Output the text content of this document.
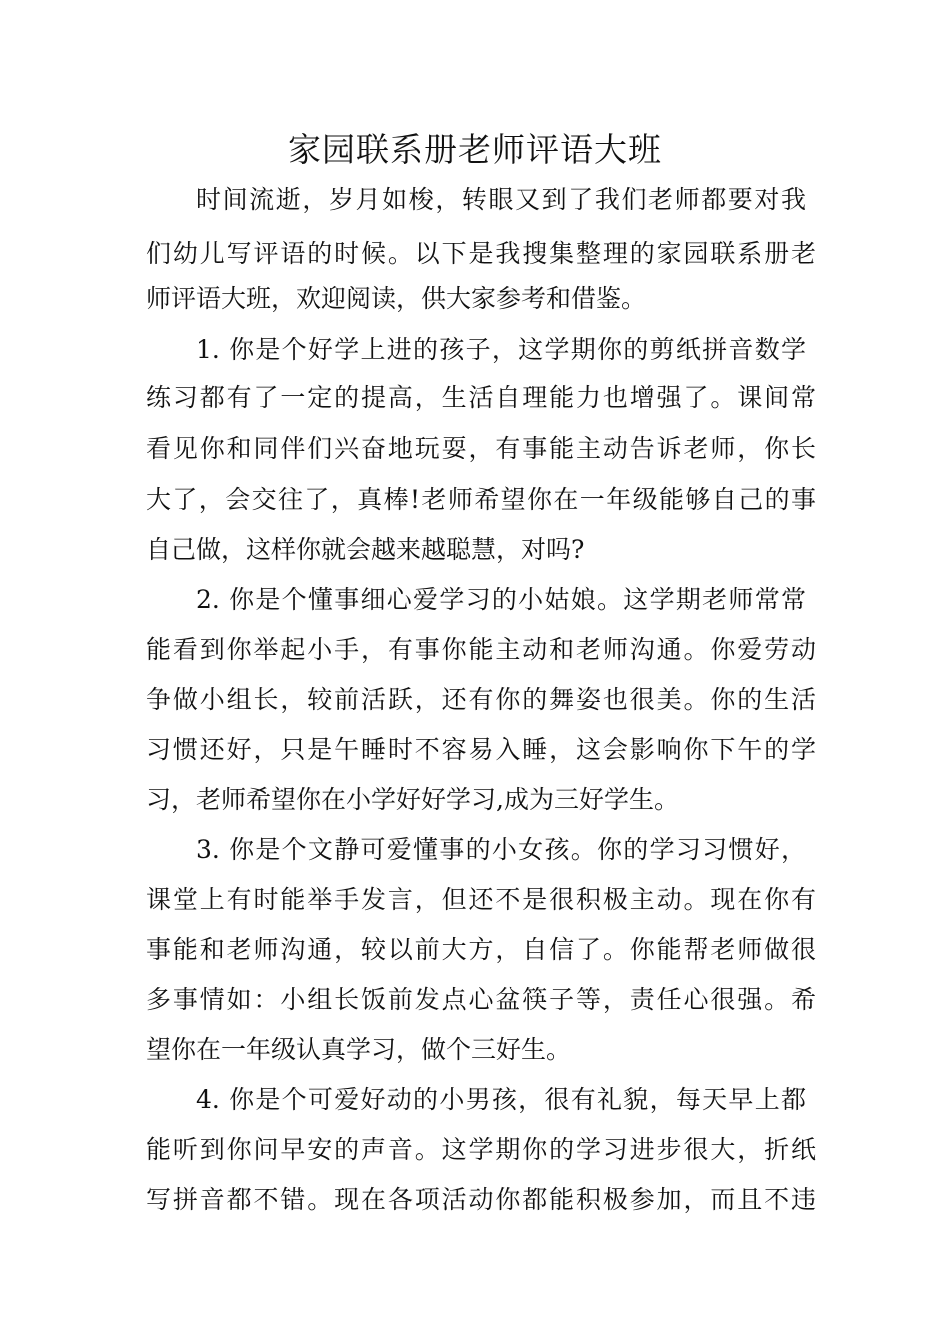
家园联系册老师评语大班

时间流逝，岁月如梭，转眼又到了我们老师都要对我

们幼儿写评语的时候。以下是我搜集整理的家园联系册老

师评语大班，欢迎阅读，供大家参考和借鉴。

1. 你是个好学上进的孩子，这学期你的剪纸拼音数学

练习都有了一定的提高，生活自理能力也增强了。课间常

看见你和同伴们兴奋地玩耍，有事能主动告诉老师，你长

大了，会交往了，真棒!老师希望你在一年级能够自己的事

自己做，这样你就会越来越聪慧，对吗?

2. 你是个懂事细心爱学习的小姑娘。这学期老师常常

能看到你举起小手，有事你能主动和老师沟通。你爱劳动

争做小组长，较前活跃，还有你的舞姿也很美。你的生活

习惯还好，只是午睡时不容易入睡，这会影响你下午的学

习，老师希望你在小学好好学习,成为三好学生。

3. 你是个文静可爱懂事的小女孩。你的学习习惯好，

课堂上有时能举手发言，但还不是很积极主动。现在你有

事能和老师沟通，较以前大方，自信了。你能帮老师做很

多事情如：小组长饭前发点心盆筷子等，责任心很强。希

望你在一年级认真学习，做个三好生。

4. 你是个可爱好动的小男孩，很有礼貌，每天早上都

能听到你问早安的声音。这学期你的学习进步很大，折纸

写拼音都不错。现在各项活动你都能积极参加，而且不违
